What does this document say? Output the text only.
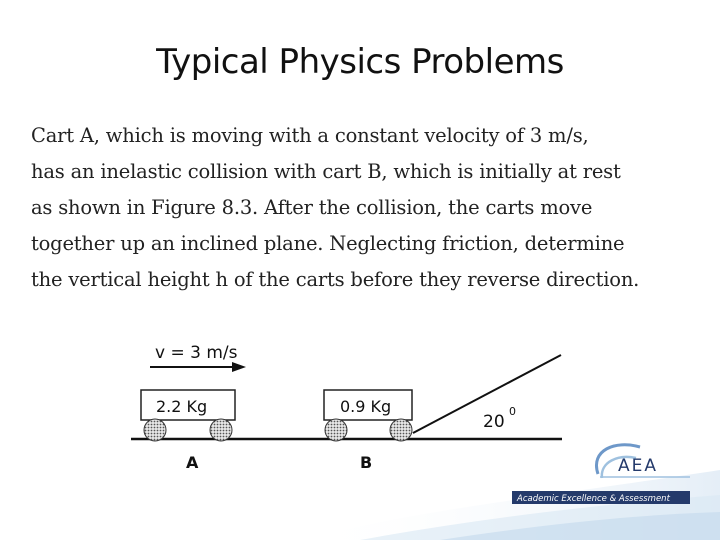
Typical Physics Problems
Cart A, which is moving with a constant velocity of 3 m/s,
has an inelastic collision with cart B, which is initially at rest
as shown in Figure 8.3. After the collision, the carts move
together up an inclined plane. Neglecting friction, determine
the vertical height h of the carts before they reverse direction.
v = 3 m/s
2.2 Kg	0.9 Kg
20
0
A	B	AEA
Academic Excellence & Assessment
